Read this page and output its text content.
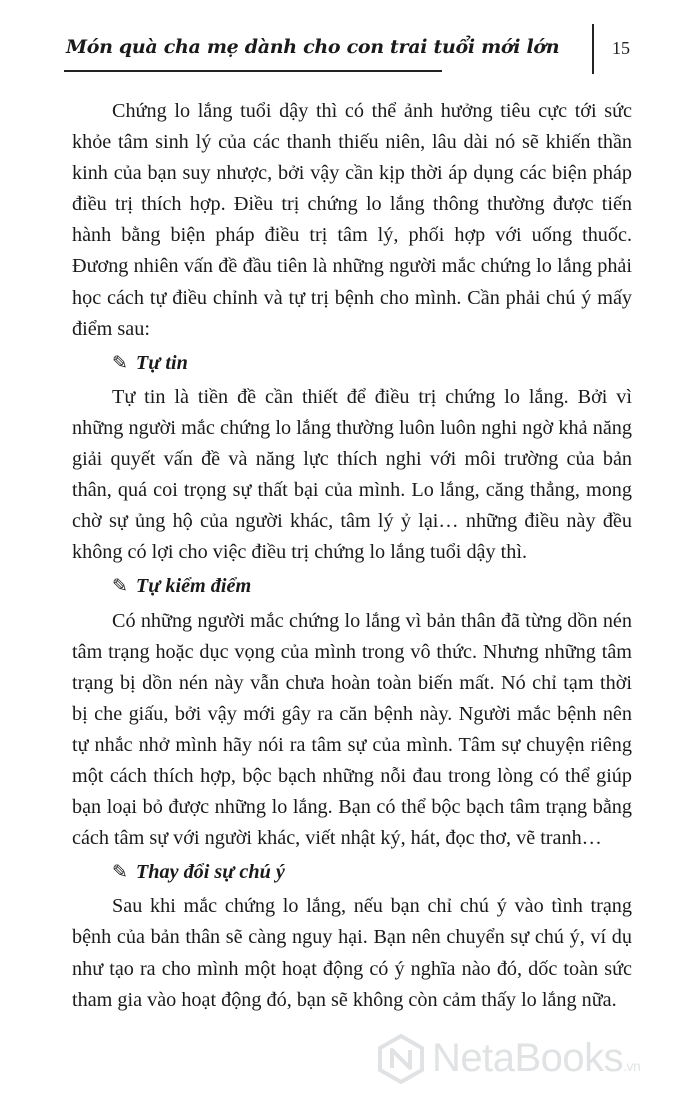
Món quà cha mẹ dành cho con trai tuổi mới lớn	15

Chứng lo lắng tuổi dậy thì có thể ảnh hưởng tiêu cực tới sức khỏe tâm sinh lý của các thanh thiếu niên, lâu dài nó sẽ khiến thần kinh của bạn suy nhược, bởi vậy cần kịp thời áp dụng các biện pháp điều trị thích hợp. Điều trị chứng lo lắng thông thường được tiến hành bằng biện pháp điều trị tâm lý, phối hợp với uống thuốc. Đương nhiên vấn đề đầu tiên là những người mắc chứng lo lắng phải học cách tự điều chỉnh và tự trị bệnh cho mình. Cần phải chú ý mấy điểm sau:

✎ Tự tin

Tự tin là tiền đề cần thiết để điều trị chứng lo lắng. Bởi vì những người mắc chứng lo lắng thường luôn luôn nghi ngờ khả năng giải quyết vấn đề và năng lực thích nghi với môi trường của bản thân, quá coi trọng sự thất bại của mình. Lo lắng, căng thẳng, mong chờ sự ủng hộ của người khác, tâm lý ỷ lại… những điều này đều không có lợi cho việc điều trị chứng lo lắng tuổi dậy thì.

✎ Tự kiểm điểm

Có những người mắc chứng lo lắng vì bản thân đã từng dồn nén tâm trạng hoặc dục vọng của mình trong vô thức. Nhưng những tâm trạng bị dồn nén này vẫn chưa hoàn toàn biến mất. Nó chỉ tạm thời bị che giấu, bởi vậy mới gây ra căn bệnh này. Người mắc bệnh nên tự nhắc nhở mình hãy nói ra tâm sự của mình. Tâm sự chuyện riêng một cách thích hợp, bộc bạch những nỗi đau trong lòng có thể giúp bạn loại bỏ được những lo lắng. Bạn có thể bộc bạch tâm trạng bằng cách tâm sự với người khác, viết nhật ký, hát, đọc thơ, vẽ tranh…

✎ Thay đổi sự chú ý

Sau khi mắc chứng lo lắng, nếu bạn chỉ chú ý vào tình trạng bệnh của bản thân sẽ càng nguy hại. Bạn nên chuyển sự chú ý, ví dụ như tạo ra cho mình một hoạt động có ý nghĩa nào đó, dốc toàn sức tham gia vào hoạt động đó, bạn sẽ không còn cảm thấy lo lắng nữa.

NetaBooks.vn
